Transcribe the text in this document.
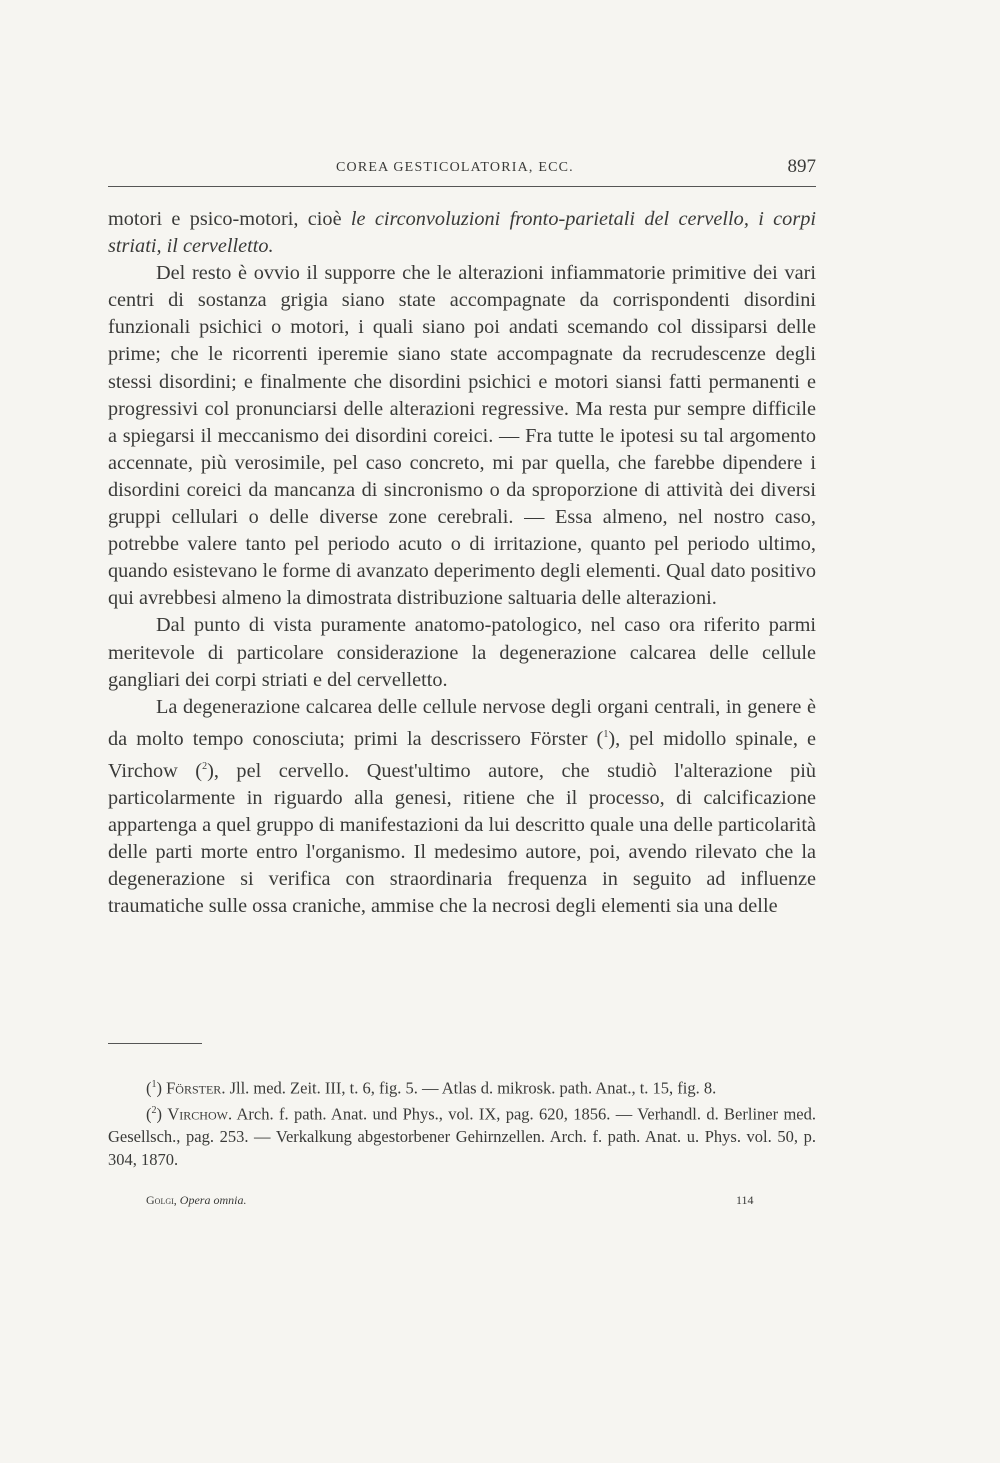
COREA GESTICOLATORIA, ECC.	897

motori e psico-motori, cioè le circonvoluzioni fronto-parietali del cervello, i corpi striati, il cervelletto.

Del resto è ovvio il supporre che le alterazioni infiammatorie primitive dei vari centri di sostanza grigia siano state accompagnate da corrispondenti disordini funzionali psichici o motori, i quali siano poi andati scemando col dissiparsi delle prime; che le ricorrenti iperemie siano state accompagnate da recrudescenze degli stessi disordini; e finalmente che disordini psichici e motori siansi fatti permanenti e progressivi col pronunciarsi delle alterazioni regressive. Ma resta pur sempre difficile a spiegarsi il meccanismo dei disordini coreici. — Fra tutte le ipotesi su tal argomento accennate, più verosimile, pel caso concreto, mi par quella, che farebbe dipendere i disordini coreici da mancanza di sincronismo o da sproporzione di attività dei diversi gruppi cellulari o delle diverse zone cerebrali. — Essa almeno, nel nostro caso, potrebbe valere tanto pel periodo acuto o di irritazione, quanto pel periodo ultimo, quando esistevano le forme di avanzato deperimento degli elementi. Qual dato positivo qui avrebbesi almeno la dimostrata distribuzione saltuaria delle alterazioni.

Dal punto di vista puramente anatomo-patologico, nel caso ora riferito parmi meritevole di particolare considerazione la degenerazione calcarea delle cellule gangliari dei corpi striati e del cervelletto.

La degenerazione calcarea delle cellule nervose degli organi centrali, in genere è da molto tempo conosciuta; primi la descrissero Förster ($^1$), pel midollo spinale, e Virchow ($^2$), pel cervello. Quest'ultimo autore, che studiò l'alterazione più particolarmente in riguardo alla genesi, ritiene che il processo, di calcificazione appartenga a quel gruppo di manifestazioni da lui descritto quale una delle particolarità delle parti morte entro l'organismo. Il medesimo autore, poi, avendo rilevato che la degenerazione si verifica con straordinaria frequenza in seguito ad influenze traumatiche sulle ossa craniche, ammise che la necrosi degli elementi sia una delle

($^1$) Förster. Jll. med. Zeit. III, t. 6, fig. 5. — Atlas d. mikrosk. path. Anat., t. 15, fig. 8.

($^2$) Virchow. Arch. f. path. Anat. und Phys., vol. IX, pag. 620, 1856. — Verhandl. d. Berliner med. Gesellsch., pag. 253. — Verkalkung abgestorbener Gehirnzellen. Arch. f. path. Anat. u. Phys. vol. 50, p. 304, 1870.

Golgi, Opera omnia.	114
